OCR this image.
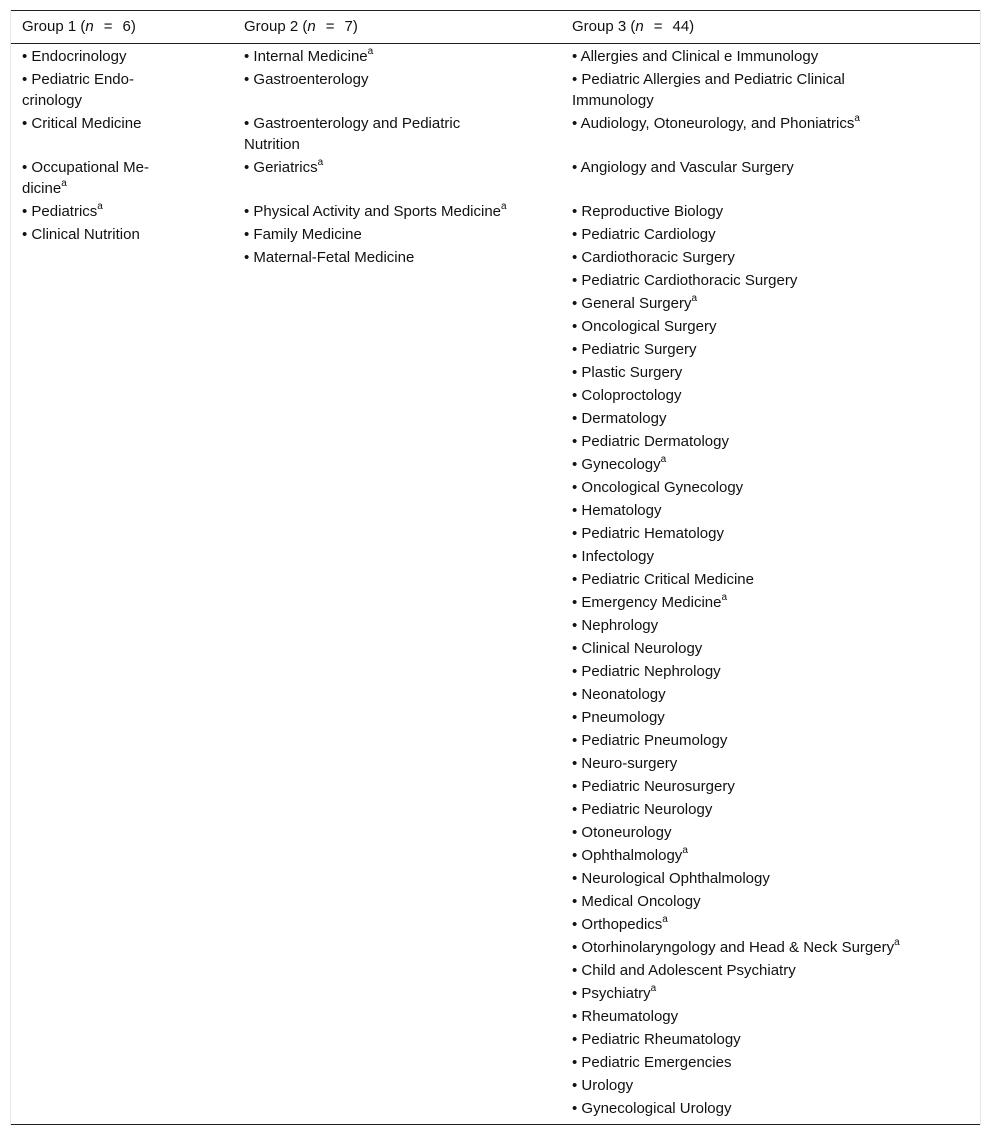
Group 1 (n = 6)	Group 2 (n = 7)	Group 3 (n = 44)
• Endocrinology
• Pediatric Endo-crinology
• Critical Medicine
• Occupational Me-dicine$^a$
• Pediatrics$^a$
• Clinical Nutrition
• Internal Medicine$^a$
• Gastroenterology
• Gastroenterology and Pediatric Nutrition
• Geriatrics$^a$
• Physical Activity and Sports Medicine$^a$
• Family Medicine
• Maternal-Fetal Medicine
• Allergies and Clinical e Immunology
• Pediatric Allergies and Pediatric Clinical Immunology
• Audiology, Otoneurology, and Phoniatrics$^a$
• Angiology and Vascular Surgery
• Reproductive Biology
• Pediatric Cardiology
• Cardiothoracic Surgery
• Pediatric Cardiothoracic Surgery
• General Surgery$^a$
• Oncological Surgery
• Pediatric Surgery
• Plastic Surgery
• Coloproctology
• Dermatology
• Pediatric Dermatology
• Gynecology$^a$
• Oncological Gynecology
• Hematology
• Pediatric Hematology
• Infectology
• Pediatric Critical Medicine
• Emergency Medicine$^a$
• Nephrology
• Clinical Neurology
• Pediatric Nephrology
• Neonatology
• Pneumology
• Pediatric Pneumology
• Neuro-surgery
• Pediatric Neurosurgery
• Pediatric Neurology
• Otoneurology
• Ophthalmology$^a$
• Neurological Ophthalmology
• Medical Oncology
• Orthopedics$^a$
• Otorhinolaryngology and Head & Neck Surgery$^a$
• Child and Adolescent Psychiatry
• Psychiatry$^a$
• Rheumatology
• Pediatric Rheumatology
• Pediatric Emergencies
• Urology
• Gynecological Urology
